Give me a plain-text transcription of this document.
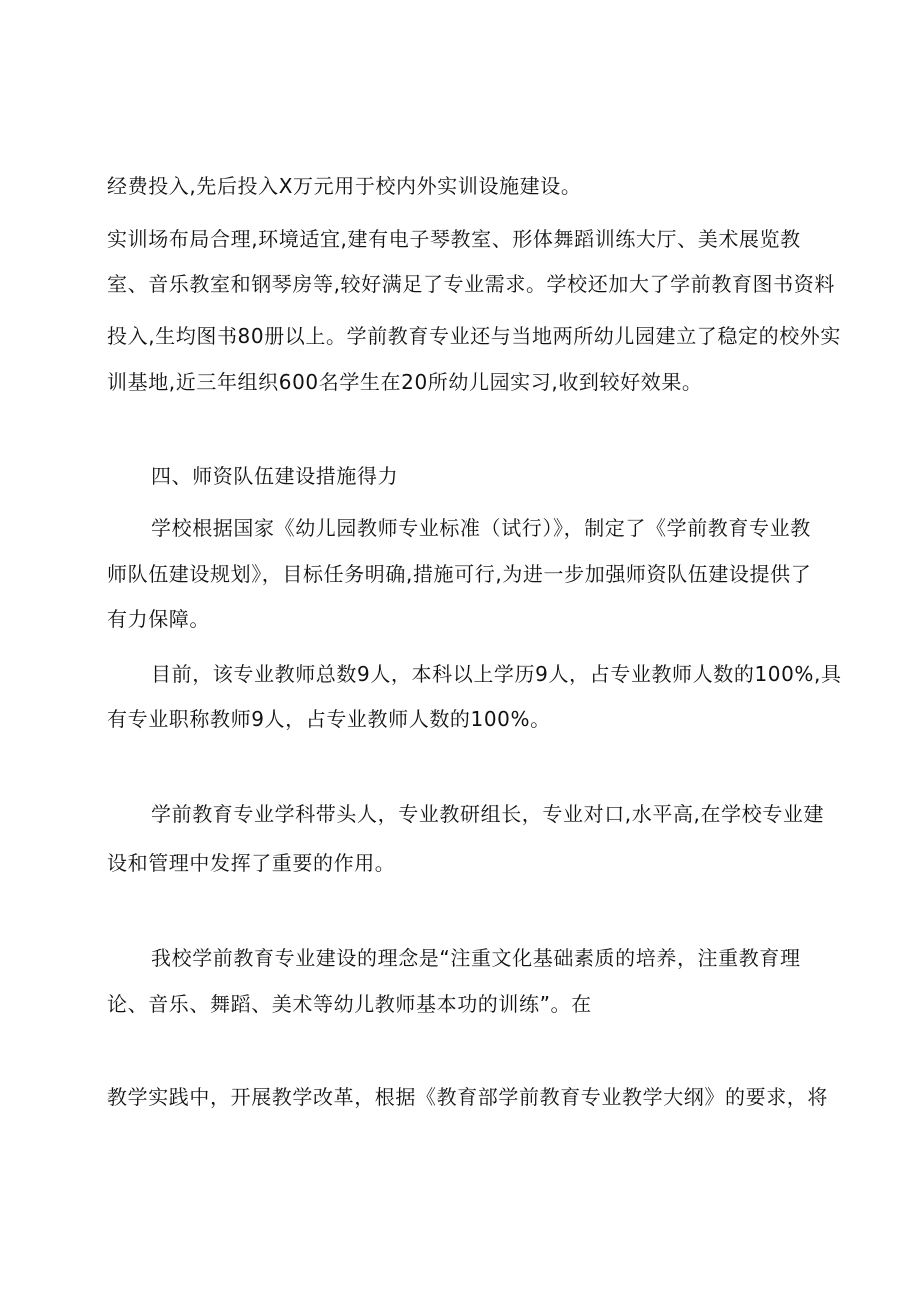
经费投入,先后投入X万元用于校内外实训设施建设。
实训场布局合理,环境适宜,建有电子琴教室、形体舞蹈训练大厅、美术展览教
室、音乐教室和钢琴房等,较好满足了专业需求。学校还加大了学前教育图书资料
投入,生均图书80册以上。学前教育专业还与当地两所幼儿园建立了稳定的校外实
训基地,近三年组织600名学生在20所幼儿园实习,收到较好效果。
四、师资队伍建设措施得力
学校根据国家《幼儿园教师专业标准（试行）》，制定了《学前教育专业教
师队伍建设规划》，目标任务明确,措施可行,为进一步加强师资队伍建设提供了
有力保障。
目前，该专业教师总数9人，本科以上学历9人，占专业教师人数的100%,具
有专业职称教师9人，占专业教师人数的100%。
学前教育专业学科带头人，专业教研组长，专业对口,水平高,在学校专业建
设和管理中发挥了重要的作用。
我校学前教育专业建设的理念是“注重文化基础素质的培养，注重教育理
论、音乐、舞蹈、美术等幼儿教师基本功的训练”。在
教学实践中，开展教学改革，根据《教育部学前教育专业教学大纲》的要求，将
